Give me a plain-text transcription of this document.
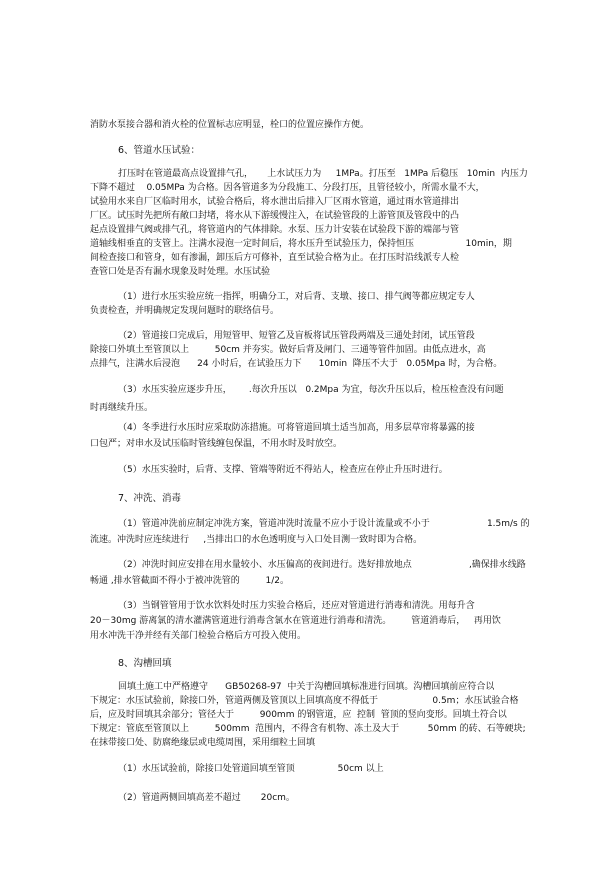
消防水泵接合器和消火栓的位置标志应明显，栓口的位置应操作方便。
6、管道水压试验：
打压时在管道最高点设置排气孔，     上水试压力为     1MPa。打压至   1MPa 后稳压   10min  内压力
下降不超过    0.05MPa 为合格。因各管道多为分段施工、分段打压，且管径较小，所需水量不大，
试验用水来自厂区临时用水，试验合格后，将水泄出后排入厂区雨水管道，通过雨水管道排出
厂区。试压时先把所有敞口封堵，将水从下游缓慢注入，在试验管段的上游管顶及管段中的凸
起点设置排气阀或排气孔，将管道内的气体排除。水泵、压力计安装在试验段下游的端部与管
道轴线相垂直的支管上。注满水浸泡一定时间后，将水压升至试验压力，保持恒压                  10min，期
间检查接口和管身，如有渗漏，卸压后方可修补，直至试验合格为止。在打压时沿线派专人检
查管口处是否有漏水现象及时处理。水压试验
（1）进行水压实验应统一指挥，明确分工，对后背、支墩、接口、排气阀等都应规定专人
负责检查，并明确规定发现问题时的联络信号。
（2）管道接口完成后，用短管甲、短管乙及盲板将试压管段两端及三通处封闭，试压管段
除接口外填土至管顶以上         50cm 并夯实。做好后背及闸门、三通等管件加固。由低点进水，高
点排气，注满水后浸泡      24 小时后，在试验压力下      10min  降压不大于   0.05Mpa 时，为合格。
（3）水压实验应逐步升压，      .每次升压以   0.2Mpa 为宜，每次升压以后，检压检查没有问题
时再继续升压。
（4）冬季进行水压时应采取防冻措施。可将管道回填土适当加高，用多层草帘将暴露的接
口包严；对串水及试压临时管线缠包保温，不用水时及时放空。
（5）水压实验时，后背、支撑、管端等附近不得站人，检查应在停止升压时进行。
7、冲洗、消毒
（1）管道冲洗前应制定冲洗方案，管道冲洗时流量不应小于设计流量或不小于                    1.5m/s 的
流速。冲洗时应连续进行     ,当排出口的水色透明度与入口处目测一致时即为合格。
（2）冲洗时间应安排在用水量较小、水压偏高的夜间进行。选好排放地点                    ,确保排水线路
畅通 ,排水管截面不得小于被冲洗管的         1/2。
（3）当钢管管用于饮水饮料处时压力实验合格后，还应对管道进行消毒和清洗。用每升含
20－30mg 游离氯的清水灌满管道进行消毒含氯水在管道进行消毒和清洗。       管道消毒后，   再用饮
用水冲洗干净并经有关部门检验合格后方可投入使用。
8、沟槽回填
回填土施工中严格遵守      GB50268-97  中关于沟槽回填标准进行回填。沟槽回填前应符合以
下规定：水压试验前，除接口外，管道两侧及管顶以上回填高度不得低于                   0.5m；水压试验合格
后，应及时回填其余部分；管径大于         900mm 的钢管道，应  控制  管顶的竖向变形。回填土符合以
下规定：管底至管顶以上         500mm  范围内，不得含有机物、冻土及大于          50mm 的砖、石等硬块;
在抹带接口处、防腐绝缘层或电缆周围，采用细粒土回填
（1）水压试验前，除接口处管道回填至管顶               50cm 以上
（2）管道两侧回填高差不超过       20cm。
